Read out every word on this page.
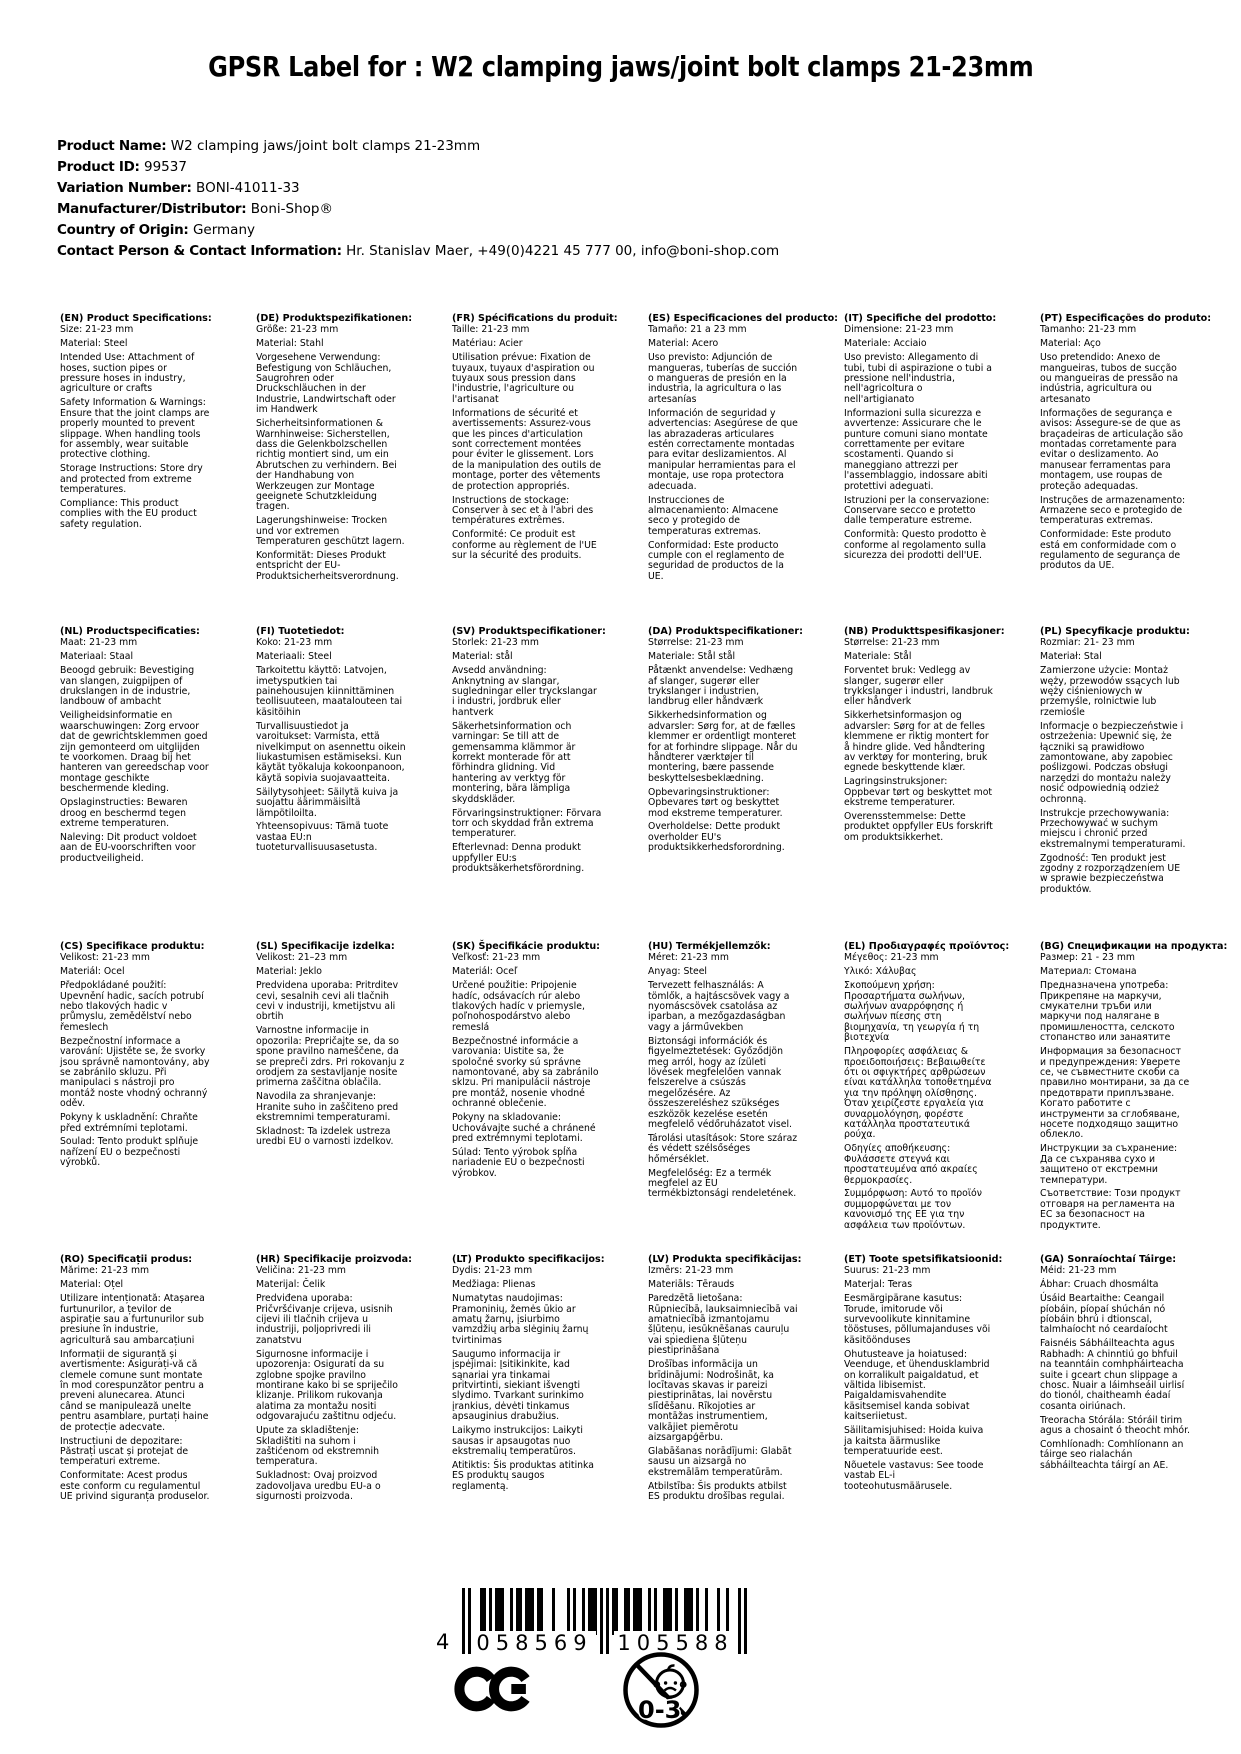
GPSR Label for : W2 clamping jaws/joint bolt clamps 21-23mm
Product Name: W2 clamping jaws/joint bolt clamps 21-23mm
Product ID: 99537
Variation Number: BONI-41011-33
Manufacturer/Distributor: Boni-Shop®
Country of Origin: Germany
Contact Person & Contact Information: Hr. Stanislav Maer, +49(0)4221 45 777 00, info@boni-shop.com
(EN) Product Specifications:

Size: 21-23 mm

Material: Steel

Intended Use: Attachment of hoses, suction pipes or pressure hoses in industry, agriculture or crafts

Safety Information & Warnings: Ensure that the joint clamps are properly mounted to prevent slippage. When handling tools for assembly, wear suitable protective clothing.

Storage Instructions: Store dry and protected from extreme temperatures.

Compliance: This product complies with the EU product safety regulation.

(DE) Produktspezifikationen:

Größe: 21-23 mm

Material: Stahl

Vorgesehene Verwendung: Befestigung von Schläuchen, Saugrohren oder Druckschläuchen in der Industrie, Landwirtschaft oder im Handwerk

Sicherheitsinformationen & Warnhinweise: Sicherstellen, dass die Gelenkbolzschellen richtig montiert sind, um ein Abrutschen zu verhindern. Bei der Handhabung von Werkzeugen zur Montage geeignete Schutzkleidung tragen.

Lagerungshinweise: Trocken und vor extremen Temperaturen geschützt lagern.

Konformität: Dieses Produkt entspricht der EU-Produktsicherheitsverordnung.

(FR) Spécifications du produit:

Taille: 21-23 mm

Matériau: Acier

Utilisation prévue: Fixation de tuyaux, tuyaux d'aspiration ou tuyaux sous pression dans l'industrie, l'agriculture ou l'artisanat

Informations de sécurité et avertissements: Assurez-vous que les pinces d'articulation sont correctement montées pour éviter le glissement. Lors de la manipulation des outils de montage, porter des vêtements de protection appropriés.

Instructions de stockage: Conserver à sec et à l'abri des températures extrêmes.

Conformité: Ce produit est conforme au règlement de l'UE sur la sécurité des produits.

(ES) Especificaciones del producto:

Tamaño: 21 a 23 mm

Material: Acero

Uso previsto: Adjunción de mangueras, tuberías de succión o mangueras de presión en la industria, la agricultura o las artesanías

Información de seguridad y advertencias: Asegúrese de que las abrazaderas articulares estén correctamente montadas para evitar deslizamientos. Al manipular herramientas para el montaje, use ropa protectora adecuada.

Instrucciones de almacenamiento: Almacene seco y protegido de temperaturas extremas.

Conformidad: Este producto cumple con el reglamento de seguridad de productos de la UE.

(IT) Specifiche del prodotto:

Dimensione: 21-23 mm

Materiale: Acciaio

Uso previsto: Allegamento di tubi, tubi di aspirazione o tubi a pressione nell'industria, nell'agricoltura o nell'artigianato

Informazioni sulla sicurezza e avvertenze: Assicurare che le punture comuni siano montate correttamente per evitare scostamenti. Quando si maneggiano attrezzi per l'assemblaggio, indossare abiti protettivi adeguati.

Istruzioni per la conservazione: Conservare secco e protetto dalle temperature estreme.

Conformità: Questo prodotto è conforme al regolamento sulla sicurezza dei prodotti dell'UE.

(PT) Especificações do produto:

Tamanho: 21-23 mm

Material: Aço

Uso pretendido: Anexo de mangueiras, tubos de sucção ou mangueiras de pressão na indústria, agricultura ou artesanato

Informações de segurança e avisos: Assegure-se de que as braçadeiras de articulação são montadas corretamente para evitar o deslizamento. Ao manusear ferramentas para montagem, use roupas de proteção adequadas.

Instruções de armazenamento: Armazene seco e protegido de temperaturas extremas.

Conformidade: Este produto está em conformidade com o regulamento de segurança de produtos da UE.

(NL) Productspecificaties:

Maat: 21-23 mm

Materiaal: Staal

Beoogd gebruik: Bevestiging van slangen, zuigpijpen of drukslangen in de industrie, landbouw of ambacht

Veiligheidsinformatie en waarschuwingen: Zorg ervoor dat de gewrichtsklemmen goed zijn gemonteerd om uitglijden te voorkomen. Draag bij het hanteren van gereedschap voor montage geschikte beschermende kleding.

Opslaginstructies: Bewaren droog en beschermd tegen extreme temperaturen.

Naleving: Dit product voldoet aan de EU-voorschriften voor productveiligheid.

(FI) Tuotetiedot:

Koko: 21-23 mm

Materiaali: Steel

Tarkoitettu käyttö: Latvojen, imetysputkien tai painehousujen kiinnittäminen teollisuuteen, maatalouteen tai käsitöihin

Turvallisuustiedot ja varoitukset: Varmista, että nivelkimput on asennettu oikein liukastumisen estämiseksi. Kun käytät työkaluja kokoonpanoon, käytä sopivia suojavaatteita.

Säilytysohjeet: Säilytä kuiva ja suojattu äärimmäisiltä lämpötiloilta.

Yhteensopivuus: Tämä tuote vastaa EU:n tuoteturvallisuusasetusta.

(SV) Produktspecifikationer:

Storlek: 21-23 mm

Material: stål

Avsedd användning: Anknytning av slangar, sugledningar eller tryckslangar i industri, jordbruk eller hantverk

Säkerhetsinformation och varningar: Se till att de gemensamma klämmor är korrekt monterade för att förhindra glidning. Vid hantering av verktyg för montering, bära lämpliga skyddskläder.

Förvaringsinstruktioner: Förvara torr och skyddad från extrema temperaturer.

Efterlevnad: Denna produkt uppfyller EU:s produktsäkerhetsförordning.

(DA) Produktspecifikationer:

Størrelse: 21-23 mm

Materiale: Stål stål

Påtænkt anvendelse: Vedhæng af slanger, sugerør eller trykslanger i industrien, landbrug eller håndværk

Sikkerhedsinformation og advarsler: Sørg for, at de fælles klemmer er ordentligt monteret for at forhindre slippage. Når du håndterer værktøjer til montering, bære passende beskyttelsesbeklædning.

Opbevaringsinstruktioner: Opbevares tørt og beskyttet mod ekstreme temperaturer.

Overholdelse: Dette produkt overholder EU's produktsikkerhedsforordning.

(NB) Produkttspesifikasjoner:

Størrelse: 21-23 mm

Materiale: Stål

Forventet bruk: Vedlegg av slanger, sugerør eller trykkslanger i industri, landbruk eller håndverk

Sikkerhetsinformasjon og advarsler: Sørg for at de felles klemmene er riktig montert for å hindre glide. Ved håndtering av verktøy for montering, bruk egnede beskyttende klær.

Lagringsinstruksjoner: Oppbevar tørt og beskyttet mot ekstreme temperaturer.

Overensstemmelse: Dette produktet oppfyller EUs forskrift om produktsikkerhet.

(PL) Specyfikacje produktu:

Rozmiar: 21- 23 mm

Materiał: Stal

Zamierzone użycie: Montaż węży, przewodów ssących lub węży ciśnieniowych w przemyśle, rolnictwie lub rzemiośle

Informacje o bezpieczeństwie i ostrzeżenia: Upewnić się, że łączniki są prawidłowo zamontowane, aby zapobiec poślizgowi. Podczas obsługi narzędzi do montażu należy nosić odpowiednią odzież ochronną.

Instrukcje przechowywania: Przechowywać w suchym miejscu i chronić przed ekstremalnymi temperaturami.

Zgodność: Ten produkt jest zgodny z rozporządzeniem UE w sprawie bezpieczeństwa produktów.

(CS) Specifikace produktu:

Velikost: 21-23 mm

Materiál: Ocel

Předpokládané použití: Upevnění hadic, sacích potrubí nebo tlakových hadic v průmyslu, zemědělství nebo řemeslech

Bezpečnostní informace a varování: Ujistěte se, že svorky jsou správně namontovány, aby se zabránilo skluzu. Při manipulaci s nástroji pro montáž noste vhodný ochranný oděv.

Pokyny k uskladnění: Chraňte před extrémními teplotami.

Soulad: Tento produkt splňuje nařízení EU o bezpečnosti výrobků.

(SL) Specifikacije izdelka:

Velikost: 21–23 mm

Material: Jeklo

Predvidena uporaba: Pritrditev cevi, sesalnih cevi ali tlačnih cevi v industriji, kmetijstvu ali obrtih

Varnostne informacije in opozorila: Prepričajte se, da so spone pravilno nameščene, da se prepreči zdrs. Pri rokovanju z orodjem za sestavljanje nosite primerna zaščitna oblačila.

Navodila za shranjevanje: Hranite suho in zaščiteno pred ekstremnimi temperaturami.

Skladnost: Ta izdelek ustreza uredbi EU o varnosti izdelkov.

(SK) Špecifikácie produktu:

Veľkosť: 21-23 mm

Materiál: Oceľ

Určené použitie: Pripojenie hadíc, odsávacích rúr alebo tlakových hadíc v priemysle, poľnohospodárstvo alebo remeslá

Bezpečnostné informácie a varovania: Uistite sa, že spoločné svorky sú správne namontované, aby sa zabránilo sklzu. Pri manipulácii nástroje pre montáž, nosenie vhodné ochranné oblečenie.

Pokyny na skladovanie: Uchovávajte suché a chránené pred extrémnymi teplotami.

Súlad: Tento výrobok spĺňa nariadenie EÚ o bezpečnosti výrobkov.

(HU) Termékjellemzők:

Méret: 21-23 mm

Anyag: Steel

Tervezett felhasználás: A tömlők, a hajtáscsövek vagy a nyomáscsövek csatolása az iparban, a mezőgazdaságban vagy a járművekben

Biztonsági információk és figyelmeztetések: Győződjön meg arról, hogy az ízületi lövések megfelelően vannak felszerelve a csúszás megelőzésére. Az összeszereléshez szükséges eszközök kezelése esetén megfelelő védőruházatot visel.

Tárolási utasítások: Store száraz és védett szélsőséges hőmérséklet.

Megfelelőség: Ez a termék megfelel az EU termékbiztonsági rendeletének.

(EL) Προδιαγραφές προϊόντος:

Μέγεθος: 21-23 mm

Υλικό: Χάλυβας

Σκοπούμενη χρήση: Προσαρτήματα σωλήνων, σωλήνων αναρρόφησης ή σωλήνων πίεσης στη βιομηχανία, τη γεωργία ή τη βιοτεχνία

Πληροφορίες ασφάλειας & προειδοποιήσεις: Βεβαιωθείτε ότι οι σφιγκτήρες αρθρώσεων είναι κατάλληλα τοποθετημένα για την πρόληψη ολίσθησης. Όταν χειρίζεστε εργαλεία για συναρμολόγηση, φορέστε κατάλληλα προστατευτικά ρούχα.

Οδηγίες αποθήκευσης: Φυλάσσετε στεγνά και προστατευμένα από ακραίες θερμοκρασίες.

Συμμόρφωση: Αυτό το προϊόν συμμορφώνεται με τον κανονισμό της ΕΕ για την ασφάλεια των προϊόντων.

(BG) Спецификации на продукта:

Размер: 21 - 23 mm

Материал: Стомана

Предназначена употреба: Прикрепяне на маркучи, смукателни тръби или маркучи под налягане в промишлеността, селското стопанство или занаятите

Информация за безопасност и предупреждения: Уверете се, че съвместните скоби са правилно монтирани, за да се предотврати приплъзване. Когато работите с инструменти за сглобяване, носете подходящо защитно облекло.

Инструкции за съхранение: Да се съхранява сухо и защитено от екстремни температури.

Съответствие: Този продукт отговаря на регламента на ЕС за безопасност на продуктите.

(RO) Specificații produs:

Mărime: 21-23 mm

Material: Oțel

Utilizare intenționată: Atașarea furtunurilor, a țevilor de aspirație sau a furtunurilor sub presiune în industrie, agricultură sau ambarcațiuni

Informații de siguranță și avertismente: Asigurați-vă că clemele comune sunt montate în mod corespunzător pentru a preveni alunecarea. Atunci când se manipulează unelte pentru asamblare, purtați haine de protecție adecvate.

Instrucțiuni de depozitare: Păstrați uscat și protejat de temperaturi extreme.

Conformitate: Acest produs este conform cu regulamentul UE privind siguranța produselor.

(HR) Specifikacije proizvoda:

Veličina: 21-23 mm

Materijal: Čelik

Predviđena uporaba: Pričvršćivanje crijeva, usisnih cijevi ili tlačnih crijeva u industriji, poljoprivredi ili zanatstvu

Sigurnosne informacije i upozorenja: Osigurati da su zglobne spojke pravilno montirane kako bi se spriječilo klizanje. Prilikom rukovanja alatima za montažu nositi odgovarajuću zaštitnu odjeću.

Upute za skladištenje: Skladištiti na suhom i zaštićenom od ekstremnih temperatura.

Sukladnost: Ovaj proizvod zadovoljava uredbu EU-a o sigurnosti proizvoda.

(LT) Produkto specifikacijos:

Dydis: 21-23 mm

Medžiaga: Plienas

Numatytas naudojimas: Pramoninių, žemės ūkio ar amatų žarnų, įsiurbimo vamzdžių arba slėginių žarnų tvirtinimas

Saugumo informacija ir įspėjimai: Įsitikinkite, kad sąnariai yra tinkamai pritvirtinti, siekiant išvengti slydimo. Tvarkant surinkimo įrankius, dėvėti tinkamus apsauginius drabužius.

Laikymo instrukcijos: Laikyti sausas ir apsaugotas nuo ekstremalių temperatūros.

Atitiktis: Šis produktas atitinka ES produktų saugos reglamentą.

(LV) Produkta specifikācijas:

Izmērs: 21-23 mm

Materiāls: Tērauds

Paredzētā lietošana: Rūpniecībā, lauksaimniecībā vai amatniecībā izmantojamu šļūteņu, iesūknēšanas cauruļu vai spiediena šļūteņu piestiprināšana

Drošības informācija un brīdinājumi: Nodrošināt, ka locītavas skavas ir pareizi piestiprinātas, lai novērstu slīdēšanu. Rīkojoties ar montāžas instrumentiem, valkājiet piemērotu aizsargapģērbu.

Glabāšanas norādījumi: Glabāt sausu un aizsargā no ekstremālām temperatūrām.

Atbilstība: Šis produkts atbilst ES produktu drošības regulai.

(ET) Toote spetsifikatsioonid:

Suurus: 21-23 mm

Materjal: Teras

Eesmärgipärane kasutus: Torude, imitorude või survevoolikute kinnitamine tööstuses, põllumajanduses või käsitöönduses

Ohutusteave ja hoiatused: Veenduge, et ühendusklambrid on korralikult paigaldatud, et vältida libisemist. Paigaldamisvahendite käsitsemisel kanda sobivat kaitseriietust.

Säilitamisjuhised: Hoida kuiva ja kaitsta äärmuslike temperatuuride eest.

Nõuetele vastavus: See toode vastab EL-i tooteohutusmäärusele.

(GA) Sonraíochtaí Táirge:

Méid: 21-23 mm

Ábhar: Cruach dhosmálta

Úsáid Beartaithe: Ceangail píobáin, píopaí shúchán nó píobáin bhrú i dtionscal, talmhaíocht nó ceardaíocht

Faisnéis Sábháilteachta agus Rabhadh: A chinntiú go bhfuil na teanntáin comhpháirteacha suite i gceart chun slippage a chosc. Nuair a láimhseáil uirlisí do tionól, chaitheamh éadaí cosanta oiriúnach.

Treoracha Stórála: Stóráil tirim agus a chosaint ó theocht mhór.

Comhlíonadh: Comhlíonann an táirge seo rialachán sábháilteachta táirgí an AE.

4 058569 105588
0-3
